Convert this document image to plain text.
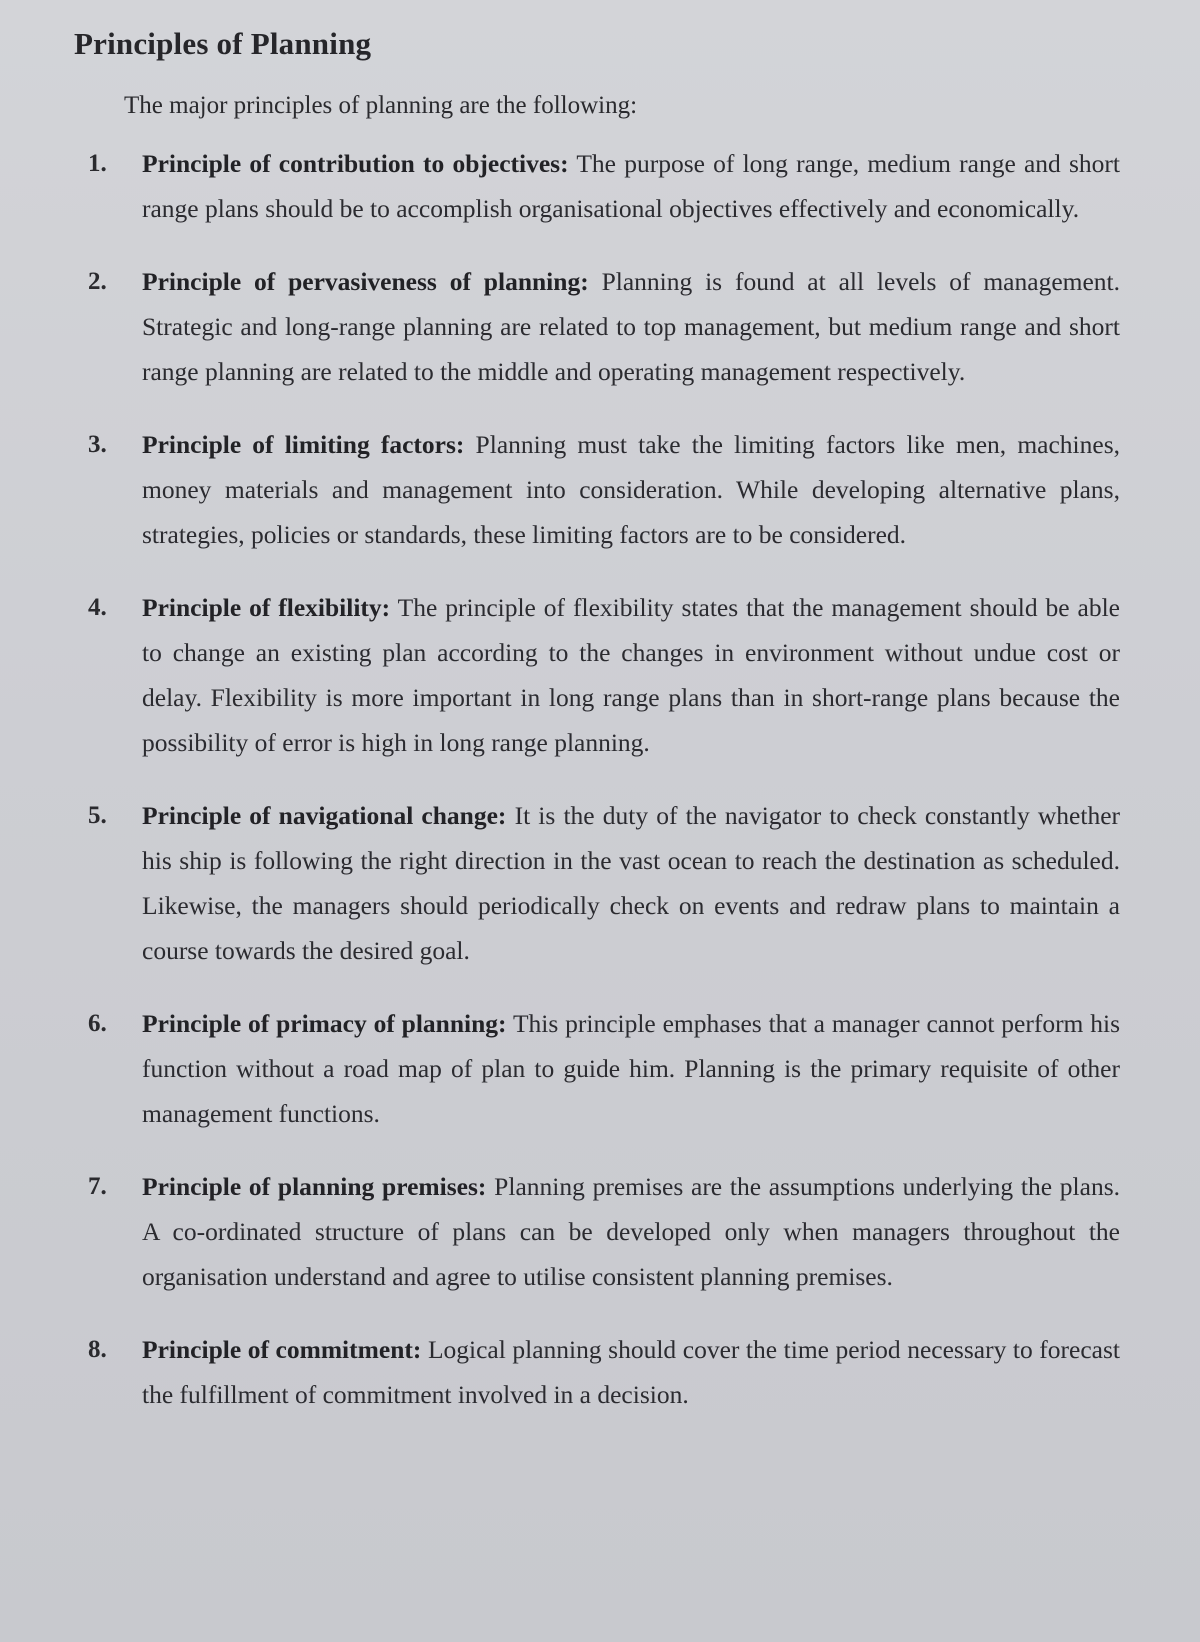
Principles of Planning

The major principles of planning are the following:

1.	Principle of contribution to objectives: The purpose of long range, medium range and short range plans should be to accomplish organisational objectives effectively and economically.
2.	Principle of pervasiveness of planning: Planning is found at all levels of management. Strategic and long-range planning are related to top management, but medium range and short range planning are related to the middle and operating management respectively.
3.	Principle of limiting factors: Planning must take the limiting factors like men, machines, money materials and management into consideration. While developing alternative plans, strategies, policies or standards, these limiting factors are to be considered.
4.	Principle of flexibility: The principle of flexibility states that the management should be able to change an existing plan according to the changes in environment without undue cost or delay. Flexibility is more important in long range plans than in short-range plans because the possibility of error is high in long range planning.
5.	Principle of navigational change: It is the duty of the navigator to check constantly whether his ship is following the right direction in the vast ocean to reach the destination as scheduled. Likewise, the managers should periodically check on events and redraw plans to maintain a course towards the desired goal.
6.	Principle of primacy of planning: This principle emphases that a manager cannot perform his function without a road map of plan to guide him. Planning is the primary requisite of other management functions.
7.	Principle of planning premises: Planning premises are the assumptions underlying the plans. A co-ordinated structure of plans can be developed only when managers throughout the organisation understand and agree to utilise consistent planning premises.
8.	Principle of commitment: Logical planning should cover the time period necessary to forecast the fulfillment of commitment involved in a decision.
